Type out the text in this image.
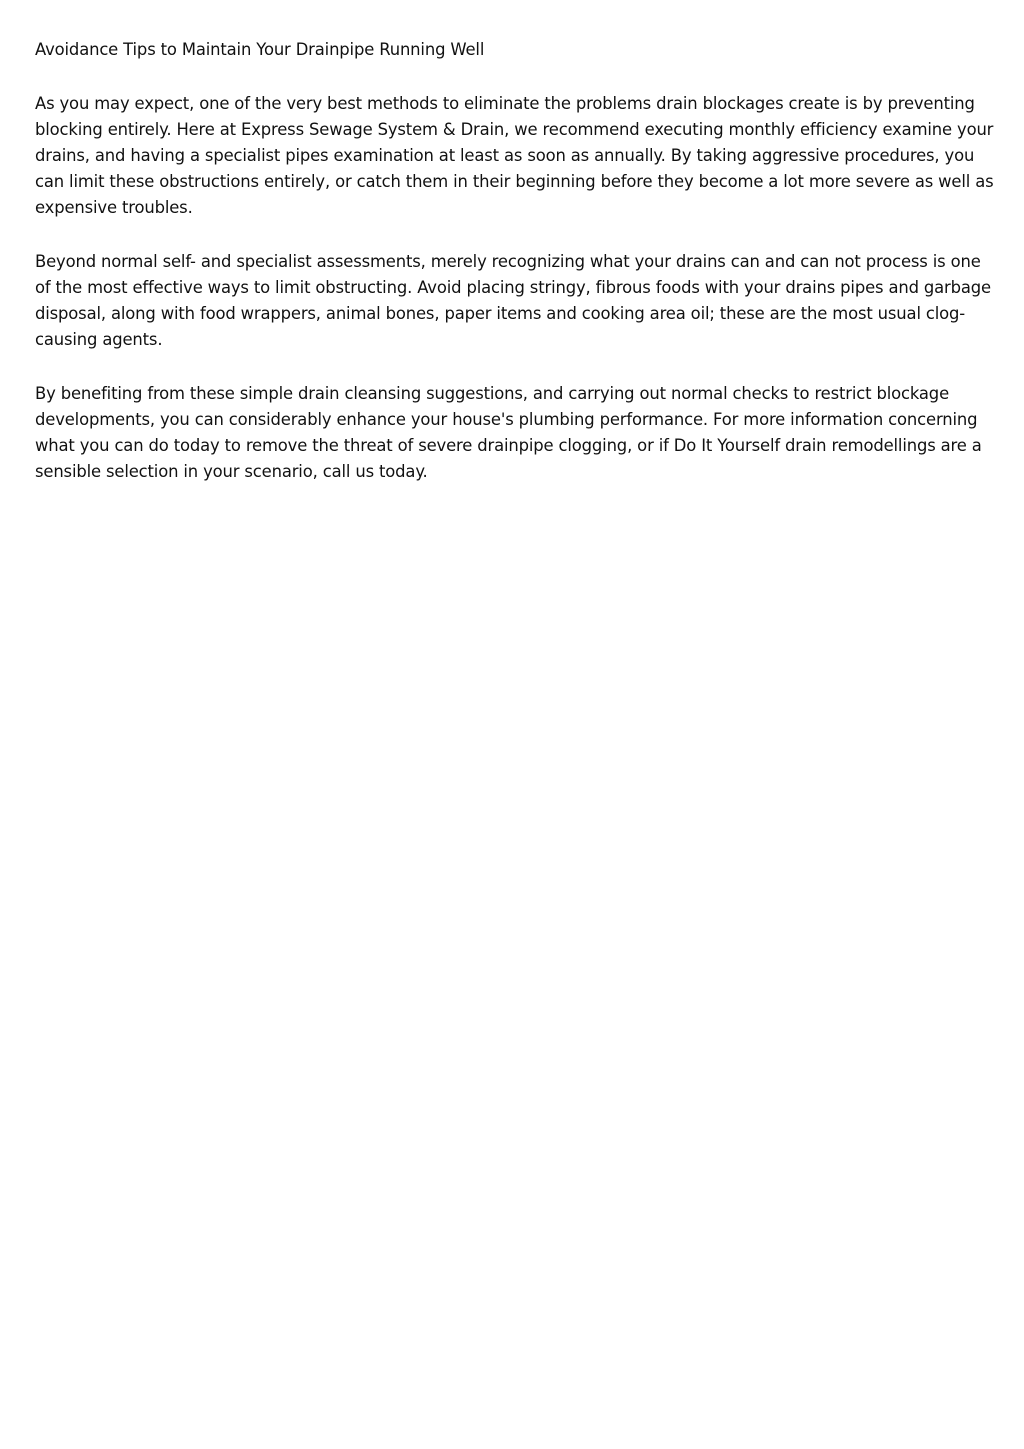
Avoidance Tips to Maintain Your Drainpipe Running Well

As you may expect, one of the very best methods to eliminate the problems drain blockages create is by preventing blocking entirely. Here at Express Sewage System & Drain, we recommend executing monthly efficiency examine your drains, and having a specialist pipes examination at least as soon as annually. By taking aggressive procedures, you can limit these obstructions entirely, or catch them in their beginning before they become a lot more severe as well as expensive troubles.

Beyond normal self- and specialist assessments, merely recognizing what your drains can and can not process is one of the most effective ways to limit obstructing. Avoid placing stringy, fibrous foods with your drains pipes and garbage disposal, along with food wrappers, animal bones, paper items and cooking area oil; these are the most usual clog-causing agents.

By benefiting from these simple drain cleansing suggestions, and carrying out normal checks to restrict blockage developments, you can considerably enhance your house's plumbing performance. For more information concerning what you can do today to remove the threat of severe drainpipe clogging, or if Do It Yourself drain remodellings are a sensible selection in your scenario, call us today.
